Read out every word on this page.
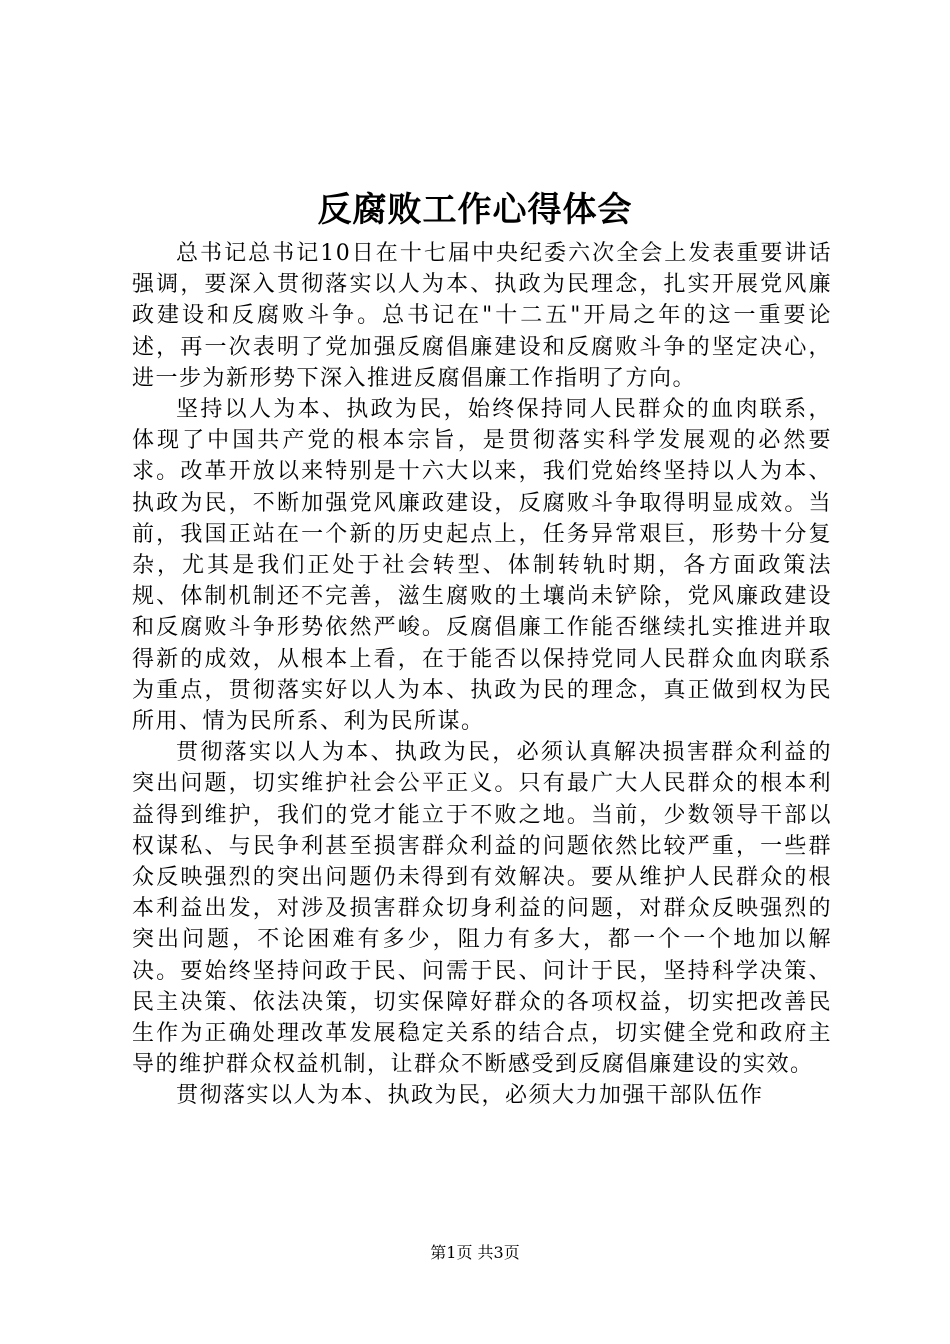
反腐败工作心得体会

总书记总书记10日在十七届中央纪委六次全会上发表重要讲话强调，要深入贯彻落实以人为本、执政为民理念，扎实开展党风廉政建设和反腐败斗争。总书记在"十二五"开局之年的这一重要论述，再一次表明了党加强反腐倡廉建设和反腐败斗争的坚定决心，进一步为新形势下深入推进反腐倡廉工作指明了方向。

坚持以人为本、执政为民，始终保持同人民群众的血肉联系，体现了中国共产党的根本宗旨，是贯彻落实科学发展观的必然要求。改革开放以来特别是十六大以来，我们党始终坚持以人为本、执政为民，不断加强党风廉政建设，反腐败斗争取得明显成效。当前，我国正站在一个新的历史起点上，任务异常艰巨，形势十分复杂，尤其是我们正处于社会转型、体制转轨时期，各方面政策法规、体制机制还不完善，滋生腐败的土壤尚未铲除，党风廉政建设和反腐败斗争形势依然严峻。反腐倡廉工作能否继续扎实推进并取得新的成效，从根本上看，在于能否以保持党同人民群众血肉联系为重点，贯彻落实好以人为本、执政为民的理念，真正做到权为民所用、情为民所系、利为民所谋。

贯彻落实以人为本、执政为民，必须认真解决损害群众利益的突出问题，切实维护社会公平正义。只有最广大人民群众的根本利益得到维护，我们的党才能立于不败之地。当前，少数领导干部以权谋私、与民争利甚至损害群众利益的问题依然比较严重，一些群众反映强烈的突出问题仍未得到有效解决。要从维护人民群众的根本利益出发，对涉及损害群众切身利益的问题，对群众反映强烈的突出问题，不论困难有多少，阻力有多大，都一个一个地加以解决。要始终坚持问政于民、问需于民、问计于民，坚持科学决策、民主决策、依法决策，切实保障好群众的各项权益，切实把改善民生作为正确处理改革发展稳定关系的结合点，切实健全党和政府主导的维护群众权益机制，让群众不断感受到反腐倡廉建设的实效。

贯彻落实以人为本、执政为民，必须大力加强干部队伍作

第1页 共3页
